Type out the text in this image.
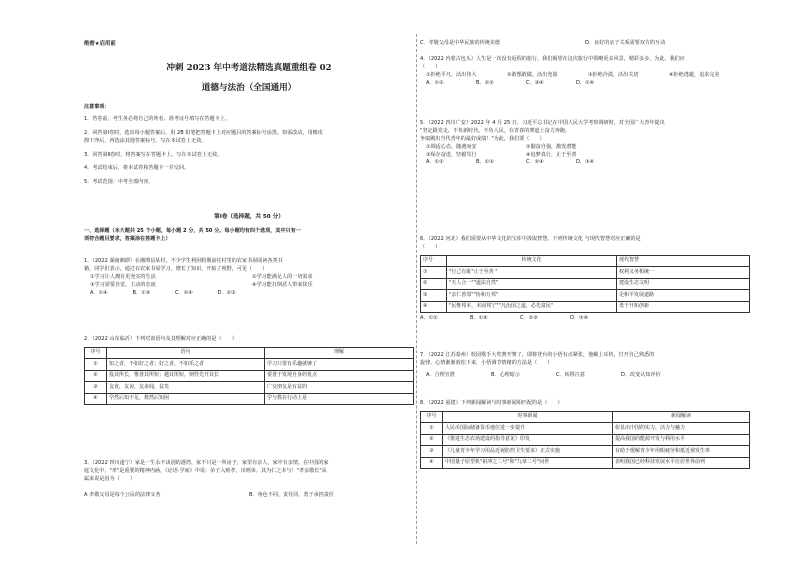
绝密★启用前
冲刺 2023 年中考道法精选真题重组卷 02
道德与法治（全国通用）
注意事项：
1．答卷前，考生务必将自己的姓名、准考证号填写在答题卡上。
2．回答第Ⅰ卷时，选出每小题答案后，用 2B 铅笔把答题卡上对应题目的答案标号涂黑。如需改动，用橡皮
擦干净后，再选涂其他答案标号。写在本试卷上无效。
3．回答第Ⅱ卷时，将答案写在答题卡上。写在本试卷上无效。
4．考试结束后，将本试卷和答题卡一并交回。
5．考试范围：中考全部内容。
第Ⅰ卷（选择题，共 50 分）
一、选择题（本大题共 25 个小题，每小题 2 分，共 50 分。每小题均有四个选项，其中只有一
项符合题目要求，答案涂在答题卡上）
1．（2022 湖南湘潭）在湘潭县某村，不少学生利用假期前往村里的农家书屋阅读各类书
籍，同学们表示，通过在农家书屋学习，增长了知识，开拓了视野，可见（　　）
①学习让人拥有更充实的生活	②学习能满足人的一切需求
③学习需要自觉、主动的态度	④学习能打倒恶人带来快乐
A．①④	B．①③	C．②④	D．②③
2．（2022 山东临沂）下列对谚语句及其理解对应正确的是（　　）
序号	语句	理解
①	知之者，不如好之者；好之者，不如乐之者	学习只要有乐趣就够了
②	投其所长，惟善其所短；越其所短，则性先开其长	要善于发现自身的优点
③	友直，友谅，友多闻，益矣	广交朋友是有益的
④	学然后知不足，教然后知困	学与教在行动上是
3．（2022 四川遂宁）家是一生永不诀别的港湾，家不只是一所房子，家里有亲人，家中有亲情。在中国的家
庭文化中，"孝"是重要的精神内涵，《论语·学而》中说：弟子入则孝，出则弟。其为仁之本与！"孝亲敬长"从
属来说是因为（　　）
A 孝敬父母是每个公民的法律义务	B．角色不同，责任同，勇于承担责任
C．孝敬父母是中华民族的传统美德	D．良好的亲子关系需要双方的互动
4．（2022 内蒙古包头）人生是一次没有返程的旅行，我们渴望在这次旅行中领略更多风景，精彩多多，为此，我们应
（　　）
①拒绝平凡，活出伟大	②敢想敢做，活出充盈	③拒绝冷漠，活出关切	④拒绝逃避，追求完美
A．①②	B．②③	C．③④	D．①④
5．（2022 四川广安）2022 年 4 月 25 日，习近平总书记在中国人民大学考察调研时，对全国广大青年提出
"坚定跟党走、不负新时代、不负人民，在青春的赛道上奋力奔跑，
争取跑出当代青年的最好成绩！"为此，我们要（　　）
①调适心态，随遇而安	②勤奋自强，激发潜能
③保存奋进，坚毅笃行	④追梦真行，止于至善
A．①②	B．①③	C．②④	D．③④
6．（2022 河北）我们需要从中华文化的宝库中汲取智慧。下列传统文化 与现代智慧对应正确的是
（　　）
序号	传统文化	现代智慧
①	"行己有耻"止于至善 "	权利义务相统一
②	"天人合一""道法自然"	建设生态文明
③	"亲仁善邻""协和万邦"	走和平发展道路
④	"民惟邦本，本固邦宁""凡治国之道，必先富民"	勇于开拓创新
A．①②	B．①④	C．②③	D．③④
7．（2022 江苏泰州）校园歌手大奖赛开赛了，即将登台的小悟有点紧张，他戴上耳机，打开自己熟悉的
旋律，心情渐渐放松下来，小悟调节情绪的方法是（　　）
A．合理宣泄	B．心理暗示	C．转移注意	D．改变认知评价
8．（2022 福建）下列新闻解读与时事新闻相匹配的是（　　）
序号	时事新闻	新闻解读
①	人民币国际储备货币地位进一步提升	彰显出中国的实力、活力与魅力
②	《推进生态农场建设的指导意见》印发	提高我国的能源开发与利用水平
③	《儿童青少年学习用品近视防控卫生要求》正式实施	有助于缓解青少年用眼疲劳和抵近视发生率
④	中国量子原型机"祖冲之二号"和"九章二号"问世	表明我国已经科技发展水平位居世界前列
